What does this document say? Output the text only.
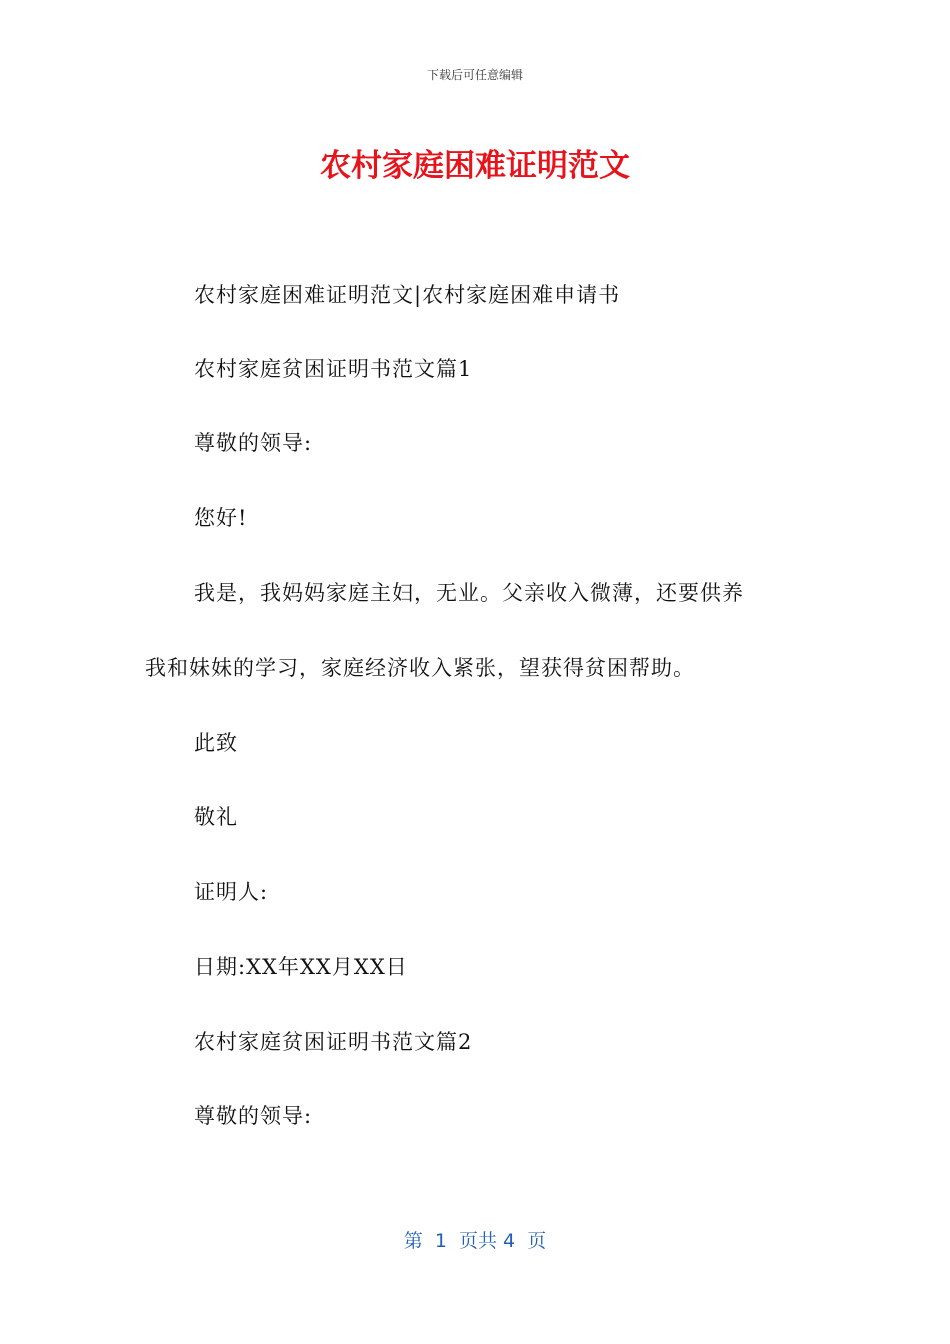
下载后可任意编辑
农村家庭困难证明范文

农村家庭困难证明范文|农村家庭困难申请书

农村家庭贫困证明书范文篇1

尊敬的领导:

您好!

我是，我妈妈家庭主妇，无业。父亲收入微薄，还要供养

我和妹妹的学习，家庭经济收入紧张，望获得贫困帮助。

此致

敬礼

证明人:

日期:XX年XX月XX日

农村家庭贫困证明书范文篇2

尊敬的领导:

第  1  页共 4  页
